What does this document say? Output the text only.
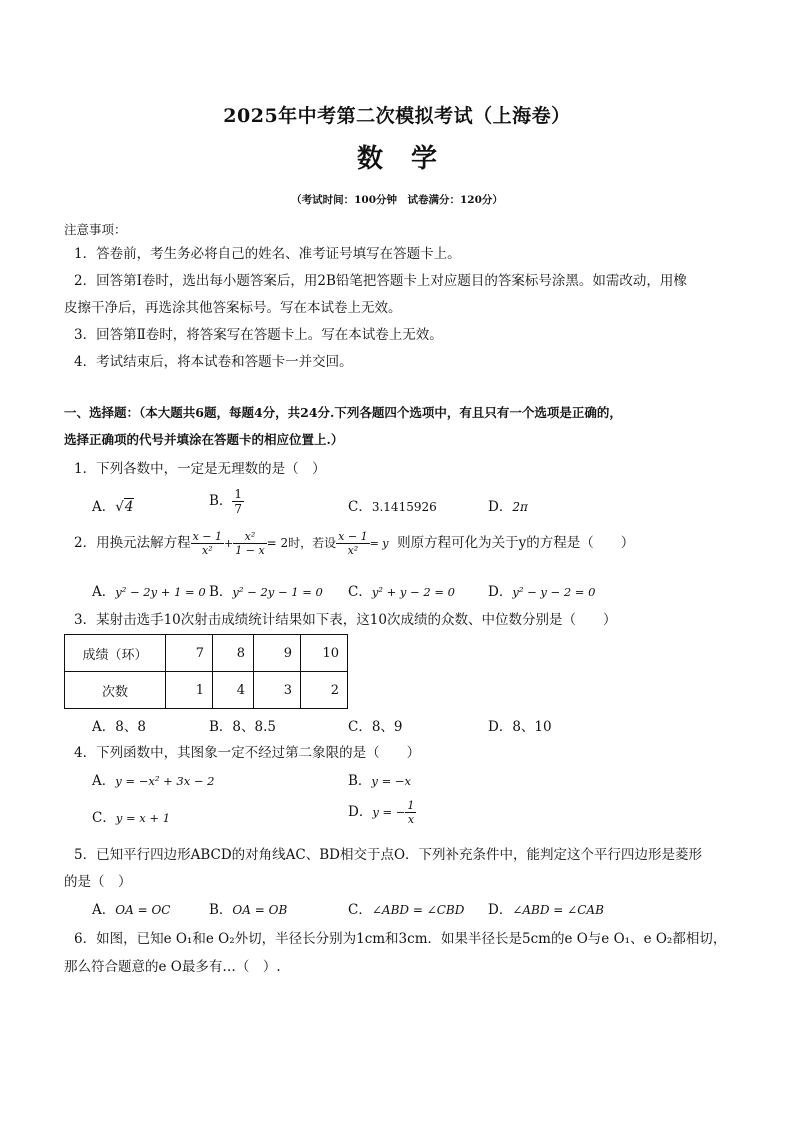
2025年中考第二次模拟考试（上海卷）
数学
（考试时间：100分钟　试卷满分：120分）
注意事项：
1．答卷前，考生务必将自己的姓名、准考证号填写在答题卡上。
2．回答第Ⅰ卷时，选出每小题答案后，用2B铅笔把答题卡上对应题目的答案标号涂黑。如需改动，用橡
皮擦干净后，再选涂其他答案标号。写在本试卷上无效。
3．回答第Ⅱ卷时，将答案写在答题卡上。写在本试卷上无效。
4．考试结束后，将本试卷和答题卡一并交回。
一、选择题：（本大题共6题，每题4分，共24分.下列各题四个选项中，有且只有一个选项是正确的，
选择正确项的代号并填涂在答题卡的相应位置上.）
1．下列各数中，一定是无理数的是（　）
A．√4	B． $\frac{1}{7}$	C．3.1415926	D．2π
2．用换元法解方程 $\frac{x - 1}{\text{x²}} + \frac{\text{x²}}{1 - x} = 2$时，若设 $\frac{x - 1}{\text{x²}} = y$ 则原方程可化为关于y的方程是（　　）
A．y² − 2y + 1 = 0 B．y² − 2y − 1 = 0 C．y² + y − 2 = 0 D．y² − y − 2 = 0
3．某射击选手10次射击成绩统计结果如下表，这10次成绩的众数、中位数分别是（　　）
成绩（环）	7	8	9	10
次数	1	4	3	2
A．8、8	B．8、8.5	C．8、9	D．8、10
4．下列函数中，其图象一定不经过第二象限的是（　　）
A．y = −x² + 3x − 2	B．y = −x
C．y = x + 1	D．y = − $\frac{1}{x}$
5．已知平行四边形ABCD的对角线AC、BD相交于点O．下列补充条件中，能判定这个平行四边形是菱形
的是（　）
A．OA = OC	B．OA = OB	C．∠ABD = ∠CBD D．∠ABD = ∠CAB
6．如图，已知e O₁和e O₂外切，半径长分别为1cm和3cm．如果半径长是5cm的e O与e O₁、e O₂都相切，
那么符合题意的e O最多有…（　）.
